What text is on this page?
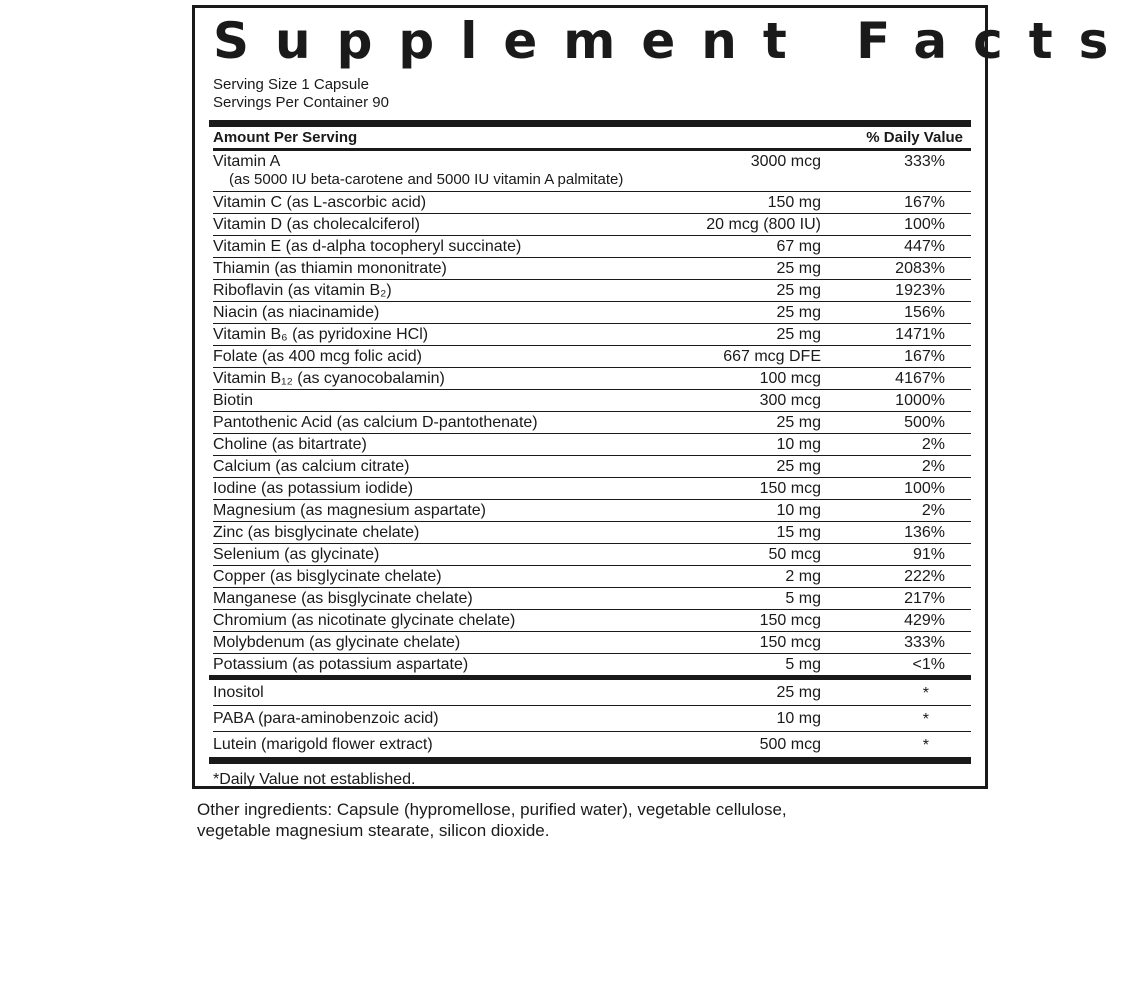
Supplement Facts
Serving Size 1 Capsule
Servings Per Container 90
Amount Per Serving	% Daily Value
Vitamin A
(as 5000 IU beta-carotene and 5000 IU vitamin A palmitate)
3000 mcg	333%
Vitamin C (as L-ascorbic acid)	150 mg	167%
Vitamin D (as cholecalciferol)	20 mcg (800 IU)	100%
Vitamin E (as d-alpha tocopheryl succinate)	67 mg	447%
Thiamin (as thiamin mononitrate)	25 mg	2083%
Riboflavin (as vitamin B₂)	25 mg	1923%
Niacin (as niacinamide)	25 mg	156%
Vitamin B₆ (as pyridoxine HCl)	25 mg	1471%
Folate (as 400 mcg folic acid)	667 mcg DFE	167%
Vitamin B₁₂ (as cyanocobalamin)	100 mcg	4167%
Biotin	300 mcg	1000%
Pantothenic Acid (as calcium D-pantothenate)	25 mg	500%
Choline (as bitartrate)	10 mg	2%
Calcium (as calcium citrate)	25 mg	2%
Iodine (as potassium iodide)	150 mcg	100%
Magnesium (as magnesium aspartate)	10 mg	2%
Zinc (as bisglycinate chelate)	15 mg	136%
Selenium (as glycinate)	50 mcg	91%
Copper (as bisglycinate chelate)	2 mg	222%
Manganese (as bisglycinate chelate)	5 mg	217%
Chromium (as nicotinate glycinate chelate)	150 mcg	429%
Molybdenum (as glycinate chelate)	150 mcg	333%
Potassium (as potassium aspartate)	5 mg	<1%
Inositol	25 mg	*
PABA (para-aminobenzoic acid)	10 mg	*
Lutein (marigold flower extract)	500 mcg	*
*Daily Value not established.
Other ingredients: Capsule (hypromellose, purified water), vegetable cellulose, vegetable magnesium stearate, silicon dioxide.
